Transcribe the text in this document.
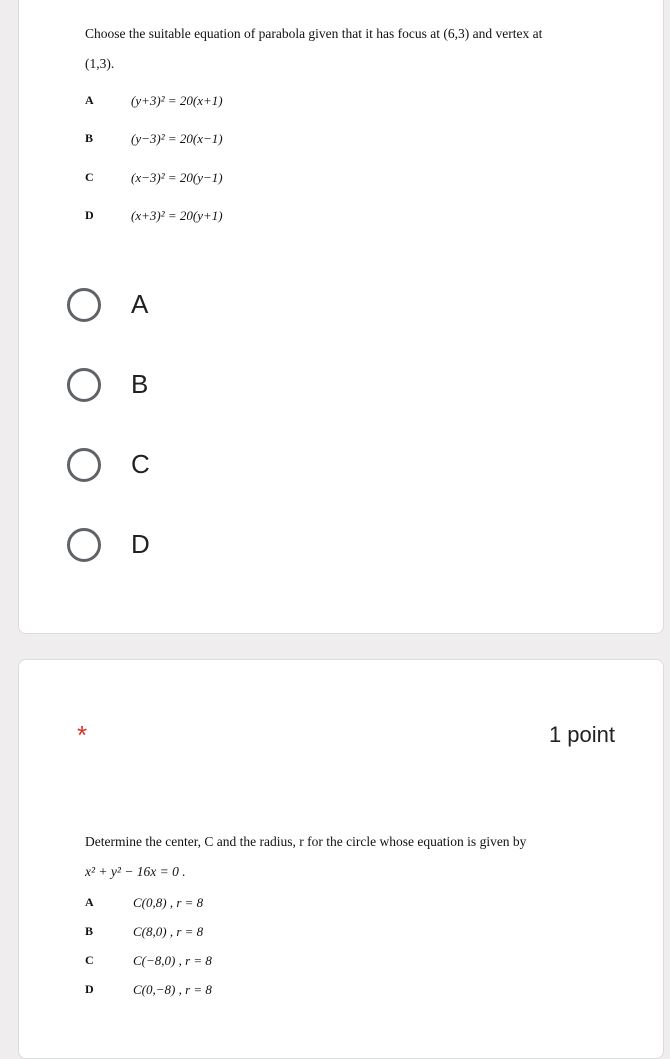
Choose the suitable equation of parabola given that it has focus at (6,3) and vertex at
(1,3).
A	(y+3)² = 20(x+1)
B	(y−3)² = 20(x−1)
C	(x−3)² = 20(y−1)
D	(x+3)² = 20(y+1)
A
B
C
D
*	1 point
Determine the center, C and the radius, r for the circle whose equation is given by
x² + y² − 16x = 0 .
A	C(0,8) , r = 8
B	C(8,0) , r = 8
C	C(−8,0) , r = 8
D	C(0,−8) , r = 8
